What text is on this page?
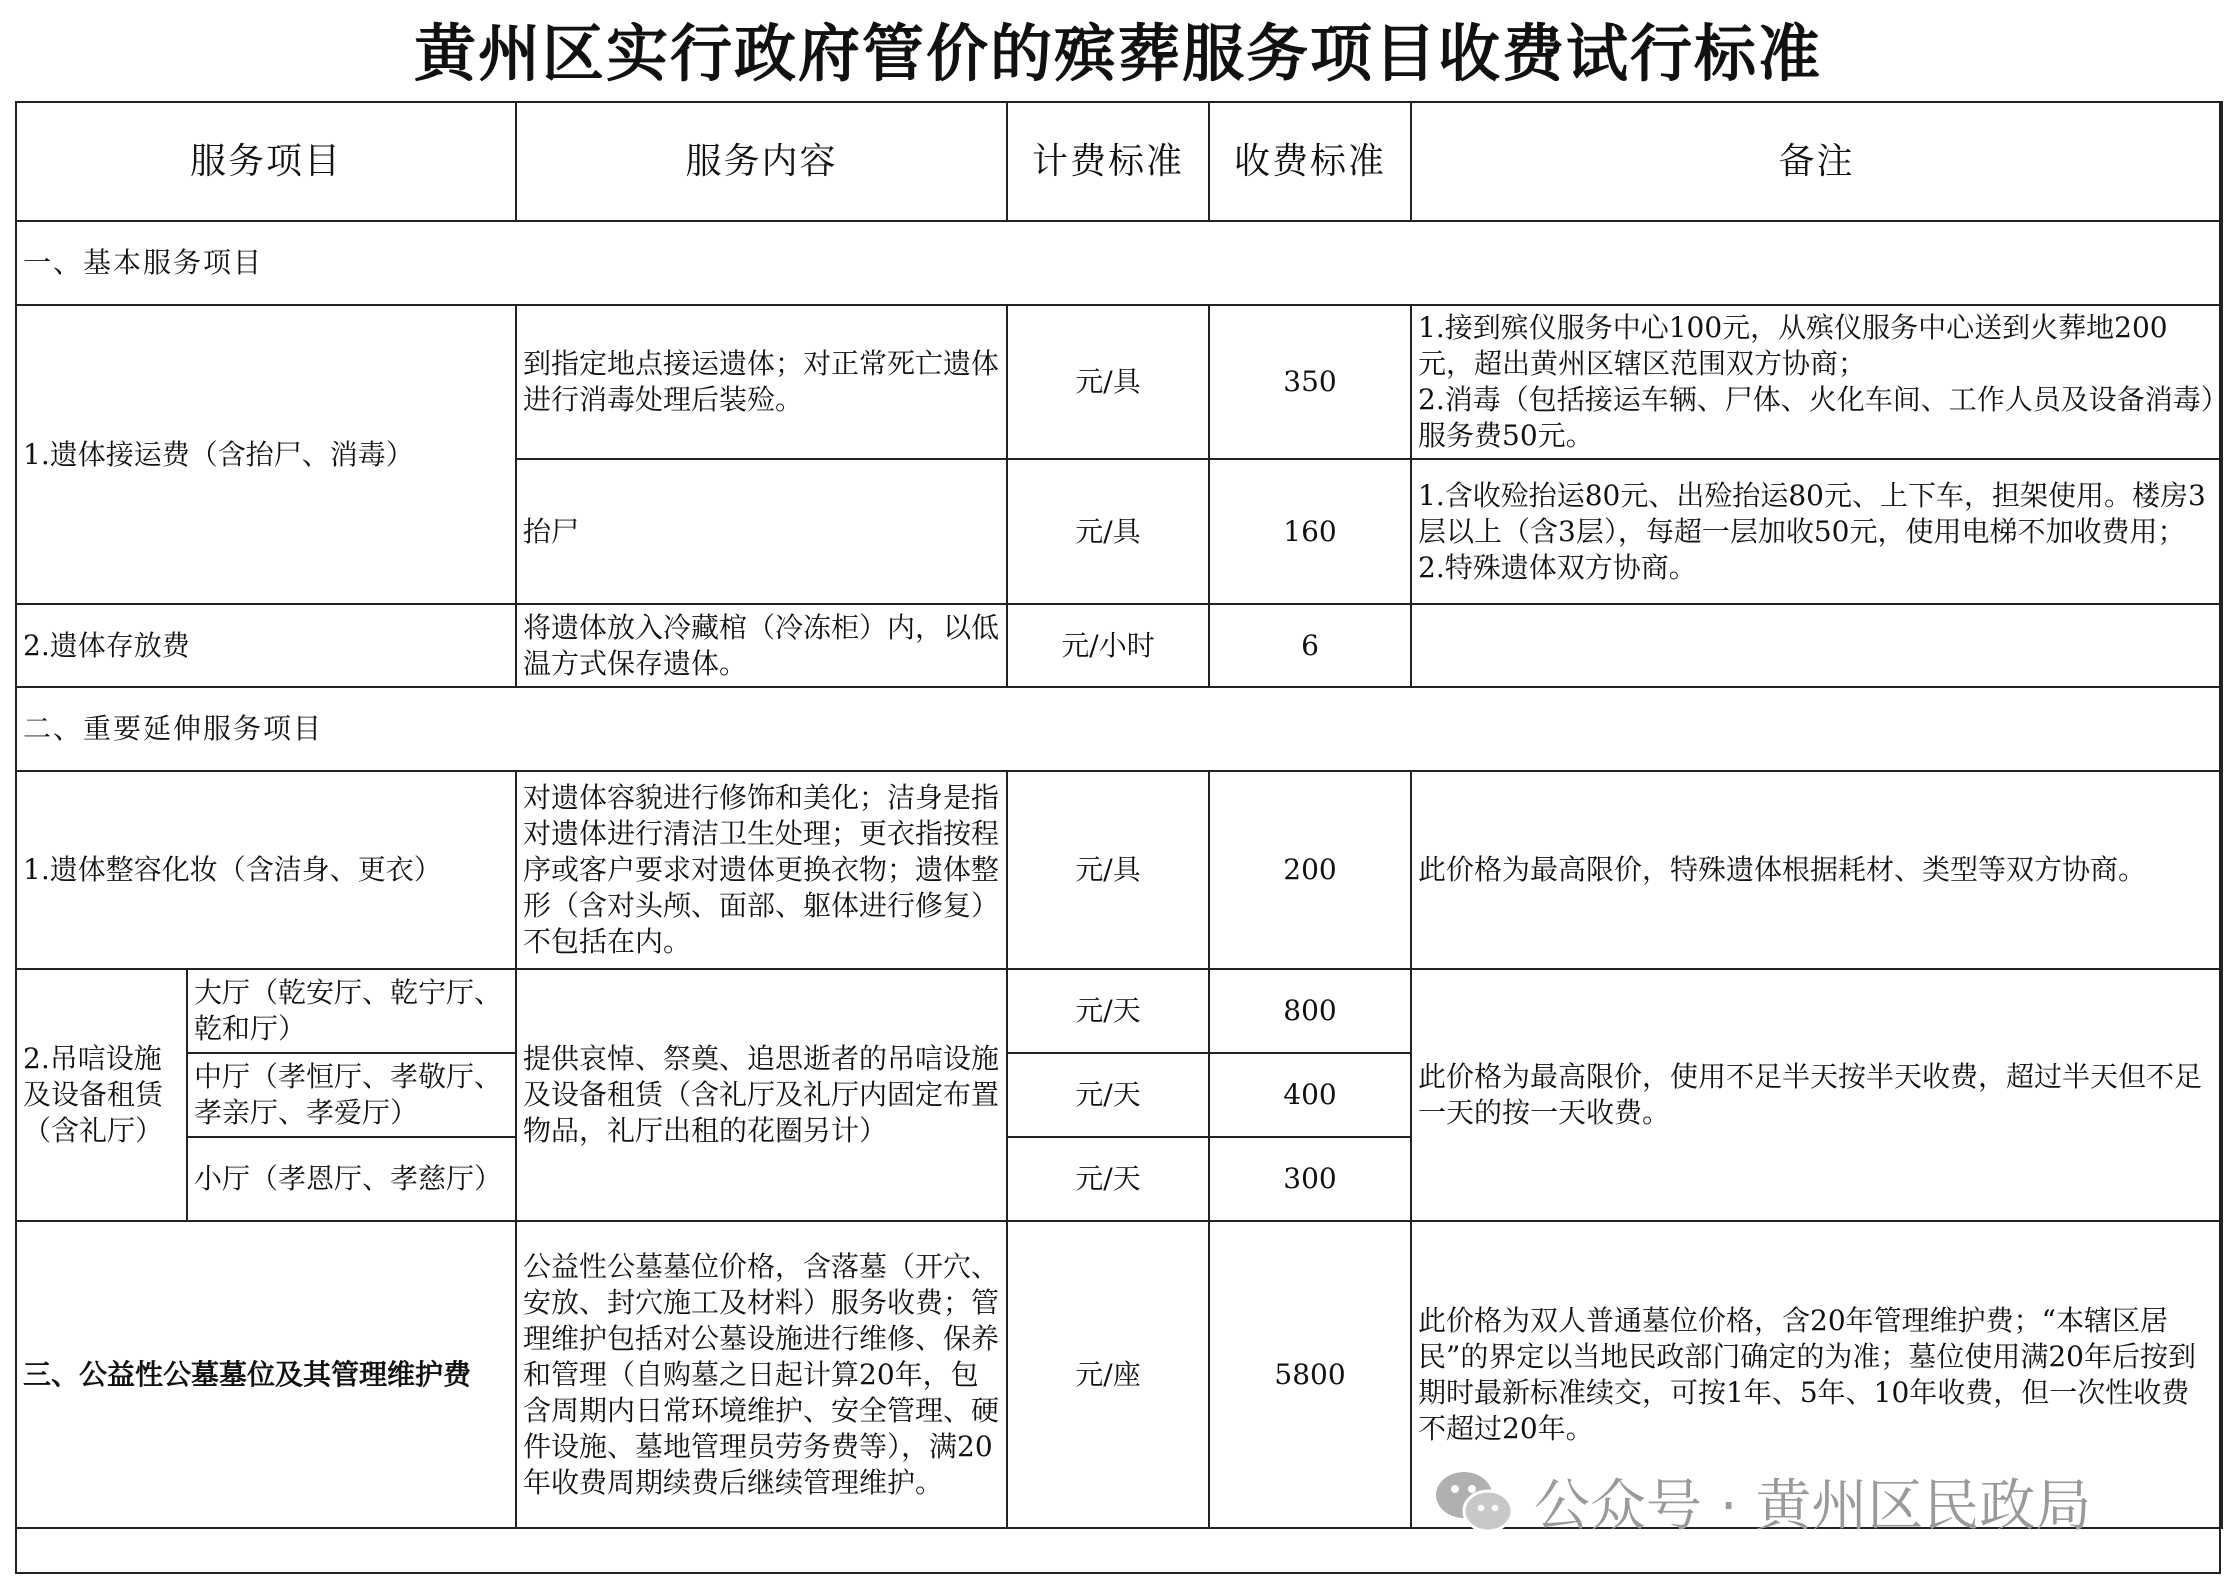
黄州区实行政府管价的殡葬服务项目收费试行标准
服务项目		服务内容	计费标准	收费标准	备注
一、基本服务项目					
1.遗体接运费（含抬尸、消毒）		到指定地点接运遗体；对正常死亡遗体进行消毒处理后装殓。	元/具	350	1.接到殡仪服务中心100元，从殡仪服务中心送到火葬地200元，超出黄州区辖区范围双方协商；
2.消毒（包括接运车辆、尸体、火化车间、工作人员及设备消毒）服务费50元。

		抬尸	元/具	160	1.含收殓抬运80元、出殓抬运80元、上下车，担架使用。楼房3层以上（含3层），每超一层加收50元，使用电梯不加收费用；
2.特殊遗体双方协商。

2.遗体存放费		将遗体放入冷藏棺（冷冻柜）内，以低温方式保存遗体。	元/小时	6	
二、重要延伸服务项目					
1.遗体整容化妆（含洁身、更衣）		对遗体容貌进行修饰和美化；洁身是指对遗体进行清洁卫生处理；更衣指按程序或客户要求对遗体更换衣物；遗体整形（含对头颅、面部、躯体进行修复）不包括在内。	元/具	200	此价格为最高限价，特殊遗体根据耗材、类型等双方协商。
2.吊唁设施及设备租赁（含礼厅）	大厅（乾安厅、乾宁厅、乾和厅）	提供哀悼、祭奠、追思逝者的吊唁设施及设备租赁（含礼厅及礼厅内固定布置物品，礼厅出租的花圈另计）	元/天	800	此价格为最高限价，使用不足半天按半天收费，超过半天但不足一天的按一天收费。
	中厅（孝恒厅、孝敬厅、孝亲厅、孝爱厅）		元/天	400	
	小厅（孝恩厅、孝慈厅）		元/天	300	
三、公益性公墓墓位及其管理维护费		公益性公墓墓位价格，含落墓（开穴、安放、封穴施工及材料）服务收费；管理维护包括对公墓设施进行维修、保养和管理（自购墓之日起计算20年，包含周期内日常环境维护、安全管理、硬件设施、墓地管理员劳务费等），满20年收费周期续费后继续管理维护。	元/座	5800	此价格为双人普通墓位价格，含20年管理维护费；“本辖区居民”的界定以当地民政部门确定的为准；墓位使用满20年后按到期时最新标准续交，可按1年、5年、10年收费，但一次性收费不超过20年。
公众号 · 黄州区民政局
